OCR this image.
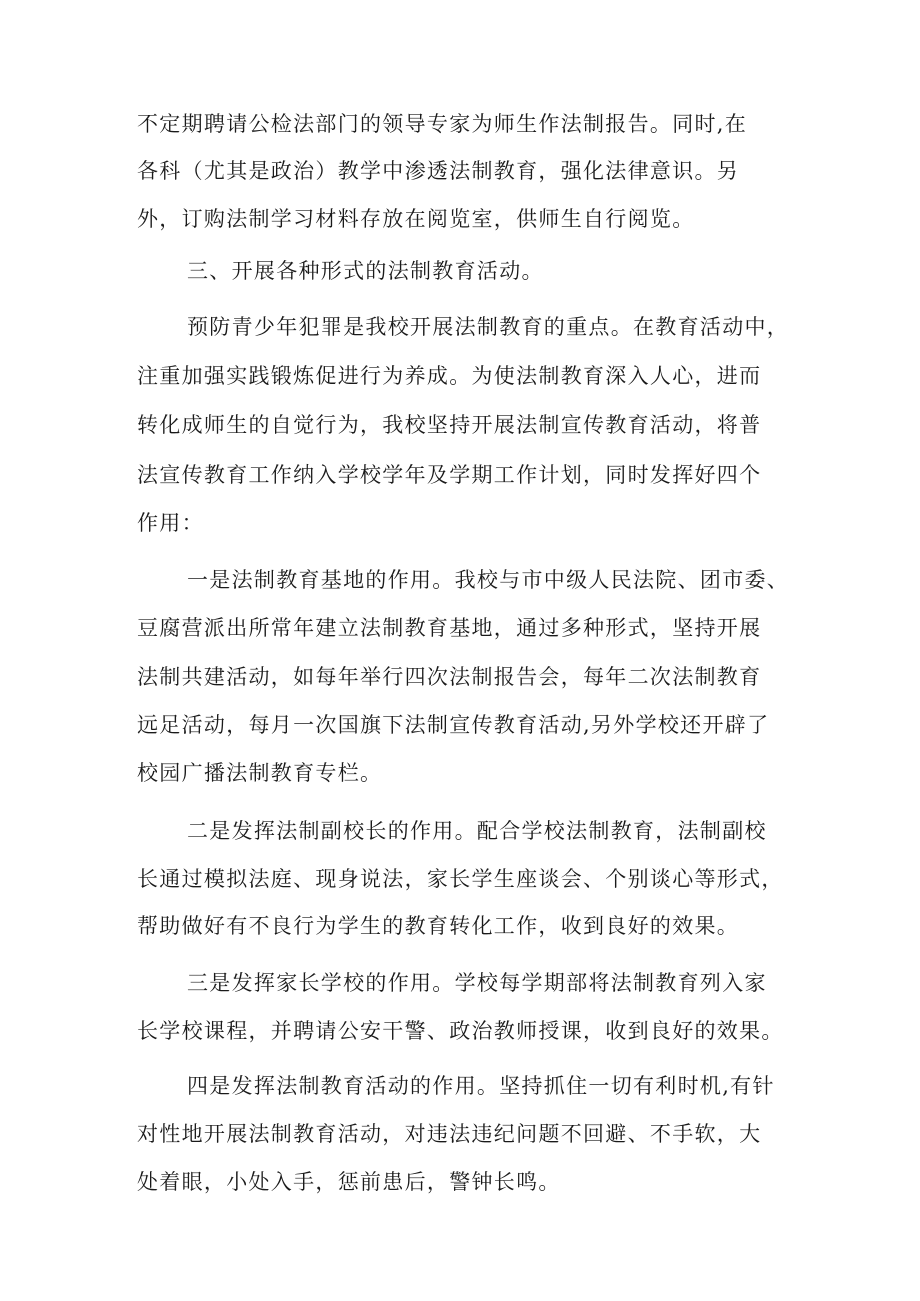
不定期聘请公检法部门的领导专家为师生作法制报告。同时,在
各科（尤其是政治）教学中渗透法制教育，强化法律意识。另
外，订购法制学习材料存放在阅览室，供师生自行阅览。
三、开展各种形式的法制教育活动。
预防青少年犯罪是我校开展法制教育的重点。在教育活动中，
注重加强实践锻炼促进行为养成。为使法制教育深入人心，进而
转化成师生的自觉行为，我校坚持开展法制宣传教育活动，将普
法宣传教育工作纳入学校学年及学期工作计划，同时发挥好四个
作用：
一是法制教育基地的作用。我校与市中级人民法院、团市委、
豆腐营派出所常年建立法制教育基地，通过多种形式，坚持开展
法制共建活动，如每年举行四次法制报告会，每年二次法制教育
远足活动，每月一次国旗下法制宣传教育活动,另外学校还开辟了
校园广播法制教育专栏。
二是发挥法制副校长的作用。配合学校法制教育，法制副校
长通过模拟法庭、现身说法，家长学生座谈会、个别谈心等形式，
帮助做好有不良行为学生的教育转化工作，收到良好的效果。
三是发挥家长学校的作用。学校每学期部将法制教育列入家
长学校课程，并聘请公安干警、政治教师授课，收到良好的效果。
四是发挥法制教育活动的作用。坚持抓住一切有利时机,有针
对性地开展法制教育活动，对违法违纪问题不回避、不手软，大
处着眼，小处入手，惩前患后，警钟长鸣。
